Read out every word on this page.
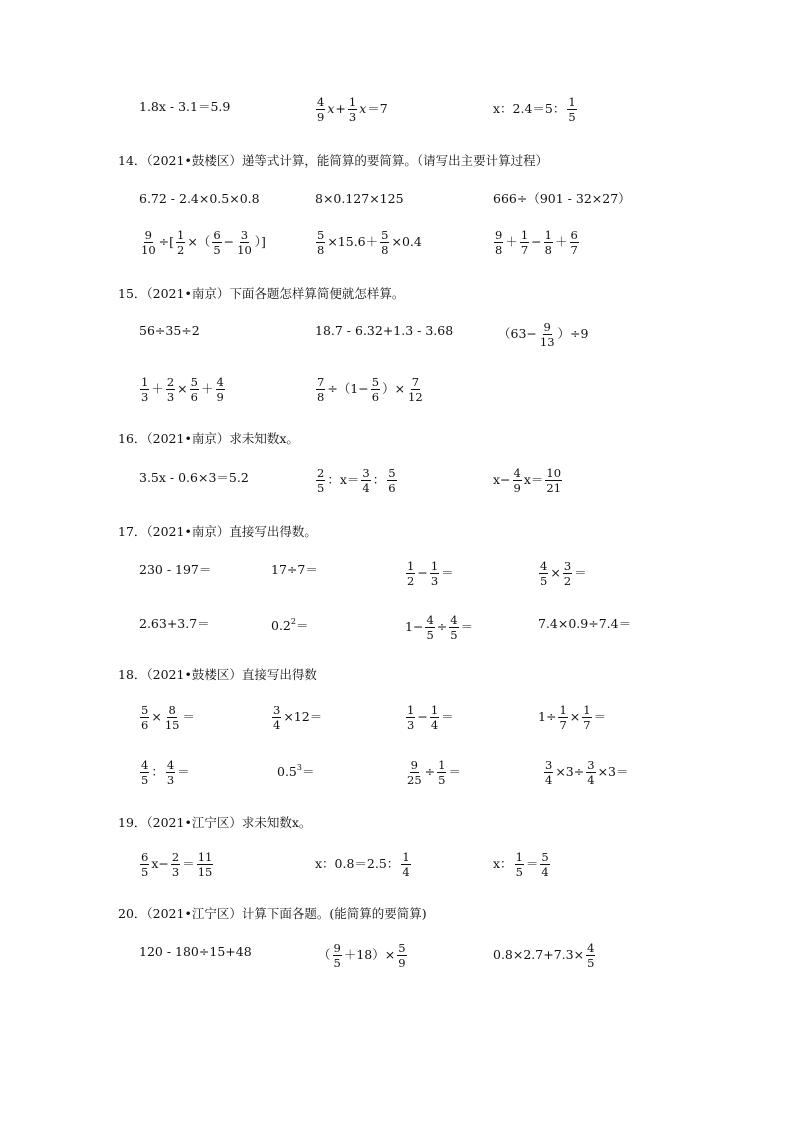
1.8x - 3.1＝5.9	$\frac{4}{9}$ $x + \frac{1}{3}$ x ＝7	x：2.4＝5： $\frac{1}{5}$
14．（2021•鼓楼区）递等式计算，能简算的要简算。（请写出主要计算过程）
6.72 - 2.4×0.5×0.8	8×0.127×125	666÷（901 - 32×27）
$\frac{9}{10}$ ÷[ $\frac{1}{2}$ ×（ $\frac{6}{5} - \frac{3}{10}$ ）]	$\frac{5}{8} \times 15.6+ \frac{5}{8} \times 0.4$	$\frac{9}{8} + \frac{1}{7} - \frac{1}{8} + \frac{6}{7}$
15．（2021•南京）下面各题怎样算简便就怎样算。
56÷35÷2	18.7 - 6.32+1.3 - 3.68	$(63- \frac{9}{13} )\div 9$
$\frac{1}{3} + \frac{2}{3} \times \frac{5}{6} + \frac{4}{9}$	$\frac{7}{8} \div(1- \frac{5}{6}$ ）× $\frac{7}{12}$
16．（2021•南京）求未知数x。
3.5x - 0.6×3＝5.2	$\frac{2}{5}$ ：$x= \frac{3}{4}$ ： $\frac{5}{6}$	$x- \frac{4}{9} x= \frac{10}{21}$
17．（2021•南京）直接写出得数。
230 - 197＝	17÷7＝	$\frac{1}{2} - \frac{1}{3}$ ＝	$\frac{4}{5} \times \frac{3}{2}$ ＝
2.63+3.7＝	$0.2^2=$	$1- \frac{4}{5} \div \frac{4}{5}$ ＝	7.4×0.9÷7.4＝
18．（2021•鼓楼区）直接写出得数
$\frac{5}{6} \times \frac{8}{15}$ ＝	$\frac{3}{4} \times 12=$	$\frac{1}{3} - \frac{1}{4}$ ＝	$1\div \frac{1}{7} \times \frac{1}{7}$ ＝
$\frac{4}{5}$ ： $\frac{4}{3}$ ＝	$0.5^3=$	$\frac{9}{25} \div \frac{1}{5}$ ＝	$\frac{3}{4} \times 3\div \frac{3}{4} \times 3=$
19．（2021•江宁区）求未知数x。
$\frac{6}{5} x- \frac{2}{3} = \frac{11}{15}$	x：0.8＝2.5： $\frac{1}{4}$	x： $\frac{1}{5} = \frac{5}{4}$
20．（2021•江宁区）计算下面各题。(能简算的要简算)
120 - 180÷15+48	（ $\frac{9}{5} +18)\times \frac{5}{9}$	$0.8\times 2.7+7.3\times \frac{4}{5}$
